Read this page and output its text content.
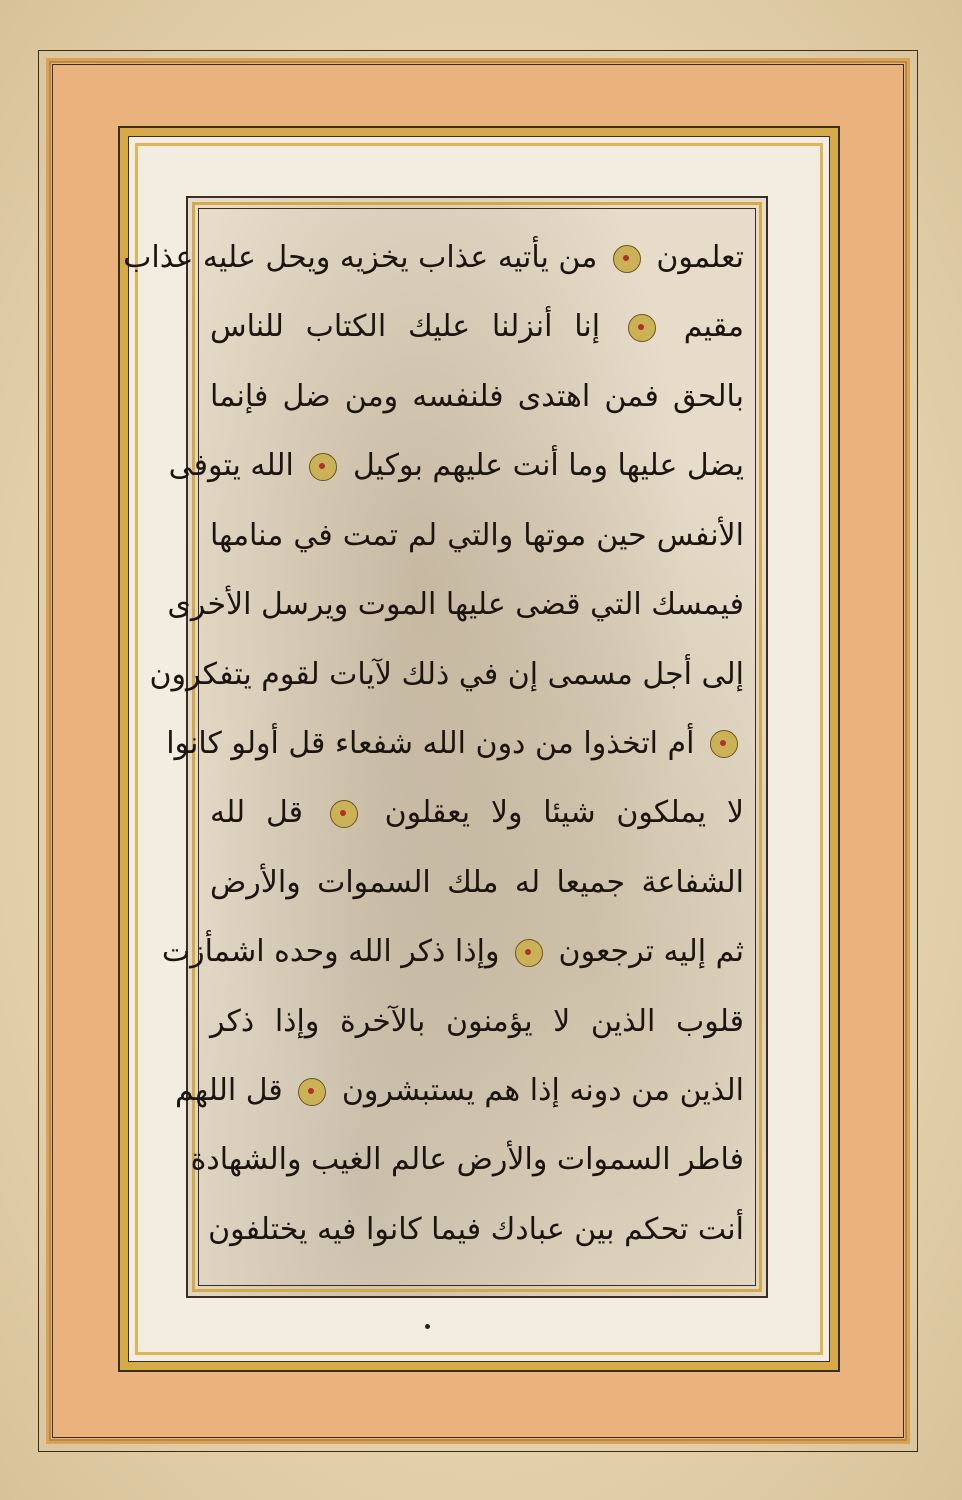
تعلمون  من يأتيه عذاب يخزيه ويحل عليه عذاب
مقيم  إنا أنزلنا عليك الكتاب للناس
بالحق فمن اهتدى فلنفسه ومن ضل فإنما
يضل عليها وما أنت عليهم بوكيل  الله يتوفى
الأنفس حين موتها والتي لم تمت في منامها
فيمسك التي قضى عليها الموت ويرسل الأخرى
إلى أجل مسمى إن في ذلك لآيات لقوم يتفكرون
أم اتخذوا من دون الله شفعاء قل أولو كانوا
لا يملكون شيئا ولا يعقلون  قل لله
الشفاعة جميعا له ملك السموات والأرض
ثم إليه ترجعون  وإذا ذكر الله وحده اشمأزت
قلوب الذين لا يؤمنون بالآخرة وإذا ذكر
الذين من دونه إذا هم يستبشرون  قل اللهم
فاطر السموات والأرض عالم الغيب والشهادة
أنت تحكم بين عبادك فيما كانوا فيه يختلفون
